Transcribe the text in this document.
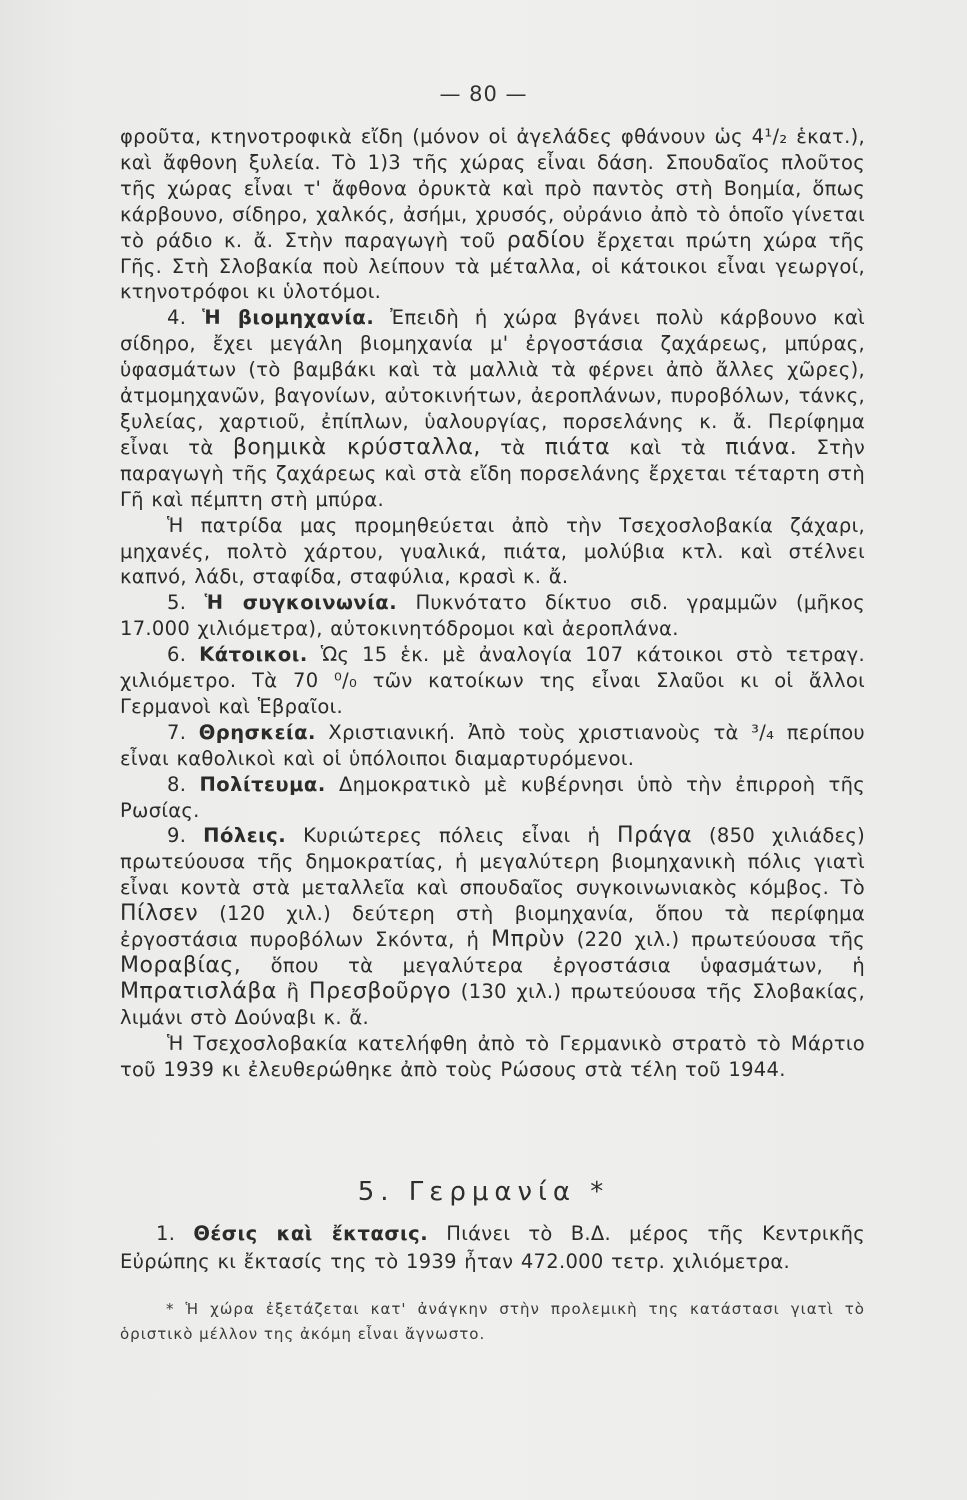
— 80 —

φροῦτα, κτηνοτροφικὰ εἴδη (μόνον οἱ ἀγελάδες φθάνουν ὡς 4¹/₂ ἑκατ.), καὶ ἄφθονη ξυλεία. Τὸ 1)3 τῆς χώρας εἶναι δάση. Σπουδαῖος πλοῦτος τῆς χώρας εἶναι τ' ἄφθονα ὀρυκτὰ καὶ πρὸ παντὸς στὴ Βοημία, ὅπως κάρβουνο, σίδηρο, χαλκός, ἀσήμι, χρυσός, οὐράνιο ἀπὸ τὸ ὁποῖο γίνεται τὸ ράδιο κ. ἄ. Στὴν παραγωγὴ τοῦ ραδίου ἔρχεται πρώτη χώρα τῆς Γῆς. Στὴ Σλοβακία ποὺ λείπουν τὰ μέταλλα, οἱ κάτοικοι εἶναι γεωργοί, κτηνοτρόφοι κι ὑλοτόμοι.

4. Ἡ βιομηχανία. Ἐπειδὴ ἡ χώρα βγάνει πολὺ κάρβουνο καὶ σίδηρο, ἔχει μεγάλη βιομηχανία μ' ἐργοστάσια ζαχάρεως, μπύρας, ὑφασμάτων (τὸ βαμβάκι καὶ τὰ μαλλιὰ τὰ φέρνει ἀπὸ ἄλλες χῶρες), ἀτμομηχανῶν, βαγονίων, αὐτοκινήτων, ἀεροπλάνων, πυροβόλων, τάνκς, ξυλείας, χαρτιοῦ, ἐπίπλων, ὑαλουργίας, πορσελάνης κ. ἄ. Περίφημα εἶναι τὰ βοημικὰ κρύσταλλα, τὰ πιάτα καὶ τὰ πιάνα. Στὴν παραγωγὴ τῆς ζαχάρεως καὶ στὰ εἴδη πορσελάνης ἔρχεται τέταρτη στὴ Γῆ καὶ πέμπτη στὴ μπύρα.

Ἡ πατρίδα μας προμηθεύεται ἀπὸ τὴν Τσεχοσλοβακία ζάχαρι, μηχανές, πολτὸ χάρτου, γυαλικά, πιάτα, μολύβια κτλ. καὶ στέλνει καπνό, λάδι, σταφίδα, σταφύλια, κρασὶ κ. ἄ.

5. Ἡ συγκοινωνία. Πυκνότατο δίκτυο σιδ. γραμμῶν (μῆκος 17.000 χιλιόμετρα), αὐτοκινητόδρομοι καὶ ἀεροπλάνα.

6. Κάτοικοι. Ὡς 15 ἑκ. μὲ ἀναλογία 107 κάτοικοι στὸ τετραγ. χιλιόμετρο. Τὰ 70 ⁰/₀ τῶν κατοίκων της εἶναι Σλαῦοι κι οἱ ἄλλοι Γερμανοὶ καὶ Ἑβραῖοι.

7. Θρησκεία. Χριστιανική. Ἀπὸ τοὺς χριστιανοὺς τὰ ³/₄ περίπου εἶναι καθολικοὶ καὶ οἱ ὑπόλοιποι διαμαρτυρόμενοι.

8. Πολίτευμα. Δημοκρατικὸ μὲ κυβέρνησι ὑπὸ τὴν ἐπιρροὴ τῆς Ρωσίας.

9. Πόλεις. Κυριώτερες πόλεις εἶναι ἡ Πράγα (850 χιλιάδες) πρωτεύουσα τῆς δημοκρατίας, ἡ μεγαλύτερη βιομηχανικὴ πόλις γιατὶ εἶναι κοντὰ στὰ μεταλλεῖα καὶ σπουδαῖος συγκοινωνιακὸς κόμβος. Τὸ Πίλσεν (120 χιλ.) δεύτερη στὴ βιομηχανία, ὅπου τὰ περίφημα ἐργοστάσια πυροβόλων Σκόντα, ἡ Μπρὺν (220 χιλ.) πρωτεύουσα τῆς Μοραβίας, ὅπου τὰ μεγαλύτερα ἐργοστάσια ὑφασμάτων, ἡ Μπρατισλάβα ἢ Πρεσβοῦργο (130 χιλ.) πρωτεύουσα τῆς Σλοβακίας, λιμάνι στὸ Δούναβι κ. ἄ.

Ἡ Τσεχοσλοβακία κατελήφθη ἀπὸ τὸ Γερμανικὸ στρατὸ τὸ Μάρτιο τοῦ 1939 κι ἐλευθερώθηκε ἀπὸ τοὺς Ρώσους στὰ τέλη τοῦ 1944.

5. Γερμανία *

1. Θέσις καὶ ἔκτασις. Πιάνει τὸ Β.Δ. μέρος τῆς Κεντρικῆς Εὐρώπης κι ἔκτασίς της τὸ 1939 ἦταν 472.000 τετρ. χιλιόμετρα.

* Ἡ χώρα ἐξετάζεται κατ' ἀνάγκην στὴν προλεμικὴ της κατάστασι γιατὶ τὸ ὁριστικὸ μέλλον της ἀκόμη εἶναι ἄγνωστο.
